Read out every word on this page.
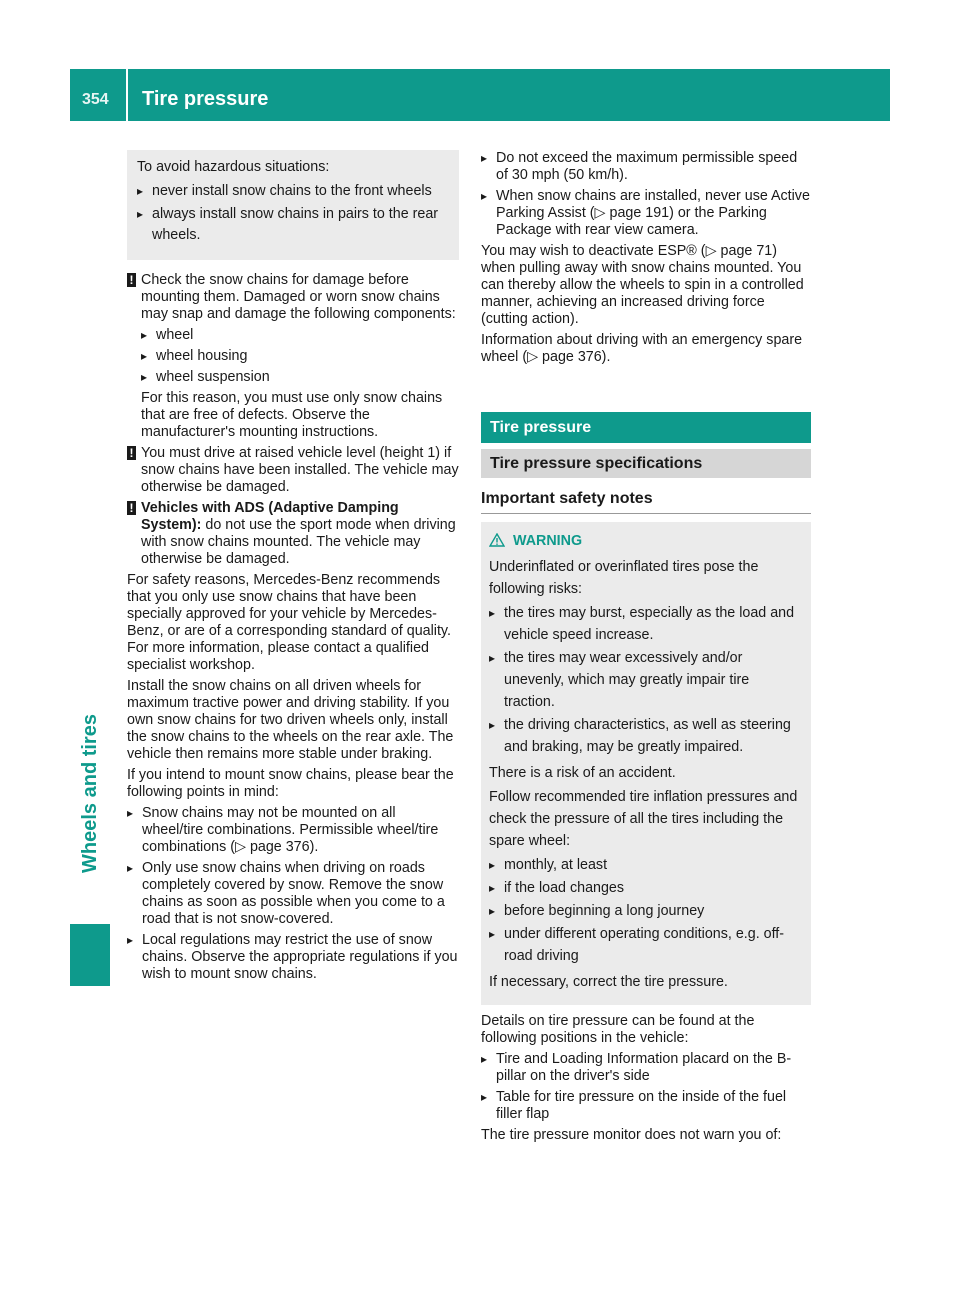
354 Tire pressure
Wheels and tires

To avoid hazardous situations:

▸ never install snow chains to the front wheels
▸ always install snow chains in pairs to the rear wheels.
! Check the snow chains for damage before mounting them. Damaged or worn snow chains may snap and damage the following components:

▸ wheel
▸ wheel housing
▸ wheel suspension

For this reason, you must use only snow chains that are free of defects. Observe the manufacturer's mounting instructions.

! You must drive at raised vehicle level (height 1) if snow chains have been installed. The vehicle may otherwise be damaged.

! Vehicles with ADS (Adaptive Damping System): do not use the sport mode when driving with snow chains mounted. The vehicle may otherwise be damaged.

For safety reasons, Mercedes-Benz recommends that you only use snow chains that have been specially approved for your vehicle by Mercedes-Benz, or are of a corresponding standard of quality. For more information, please contact a qualified specialist workshop.

Install the snow chains on all driven wheels for maximum tractive power and driving stability. If you own snow chains for two driven wheels only, install the snow chains to the wheels on the rear axle. The vehicle then remains more stable under braking.

If you intend to mount snow chains, please bear the following points in mind:

▸ Snow chains may not be mounted on all wheel/tire combinations. Permissible wheel/tire combinations (▷ page 376).
▸ Only use snow chains when driving on roads completely covered by snow. Remove the snow chains as soon as possible when you come to a road that is not snow-covered.
▸ Local regulations may restrict the use of snow chains. Observe the appropriate regulations if you wish to mount snow chains.
▸ Do not exceed the maximum permissible speed of 30 mph (50 km/h).
▸ When snow chains are installed, never use Active Parking Assist (▷ page 191) or the Parking Package with rear view camera.

You may wish to deactivate ESP® (▷ page 71) when pulling away with snow chains mounted. You can thereby allow the wheels to spin in a controlled manner, achieving an increased driving force (cutting action).

Information about driving with an emergency spare wheel (▷ page 376).

Tire pressure
Tire pressure specifications
Important safety notes
WARNING

Underinflated or overinflated tires pose the following risks:

▸ the tires may burst, especially as the load and vehicle speed increase.
▸ the tires may wear excessively and/or unevenly, which may greatly impair tire traction.
▸ the driving characteristics, as well as steering and braking, may be greatly impaired.

There is a risk of an accident.

Follow recommended tire inflation pressures and check the pressure of all the tires including the spare wheel:

▸ monthly, at least
▸ if the load changes
▸ before beginning a long journey
▸ under different operating conditions, e.g. off-road driving

If necessary, correct the tire pressure.

Details on tire pressure can be found at the following positions in the vehicle:

▸ Tire and Loading Information placard on the B-pillar on the driver's side
▸ Table for tire pressure on the inside of the fuel filler flap

The tire pressure monitor does not warn you of:
